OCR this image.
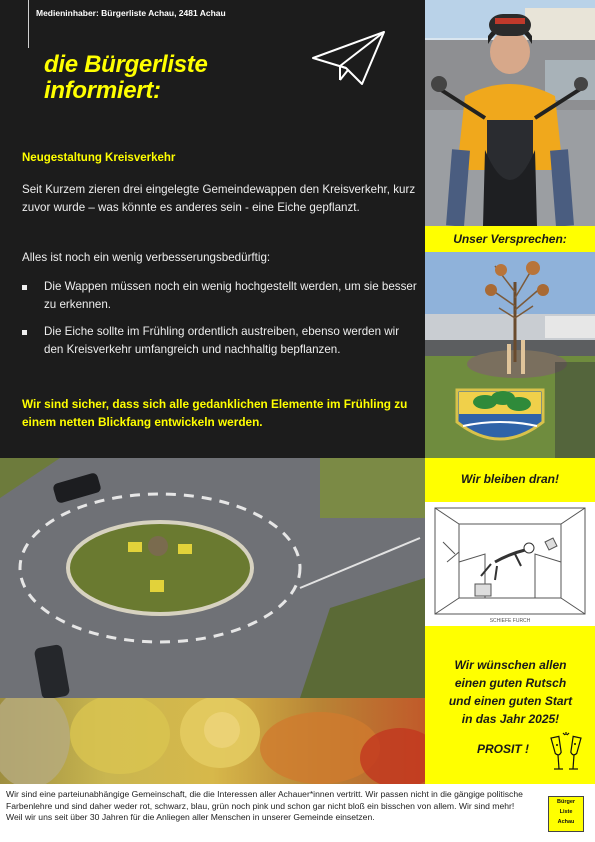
Medieninhaber: Bürgerliste Achau, 2481 Achau
die Bürgerliste
informiert:
Neugestaltung Kreisverkehr
Seit Kurzem zieren drei eingelegte Gemeindewappen den Kreisverkehr, kurz zuvor wurde – was könnte es anderes sein - eine Eiche gepflanzt.
Alles ist noch ein wenig verbesserungsbedürftig:
Die Wappen müssen noch ein wenig hochgestellt werden, um sie besser zu erkennen.
Die Eiche sollte im Frühling ordentlich austreiben, ebenso werden wir den Kreisverkehr umfangreich und nachhaltig bepflanzen.
Wir sind sicher, dass sich alle gedanklichen Elemente im Frühling zu einem netten Blickfang entwickeln werden.
Unser Versprechen:
Wir bleiben dran!
SCHIEFE FURCH
Wir wünschen allen
einen guten Rutsch
und einen guten Start
in das Jahr 2025!
PROSIT !
Wir sind eine parteiunabhängige Gemeinschaft, die die Interessen aller Achauer*innen vertritt. Wir passen nicht in die gängige politische Farbenlehre und sind daher weder rot, schwarz, blau, grün noch pink und schon gar nicht bloß ein bisschen von allem. Wir sind mehr! Weil wir uns seit über 30 Jahren für die Anliegen aller Menschen in unserer Gemeinde einsetzen.
Bürger
Liste
Achau
